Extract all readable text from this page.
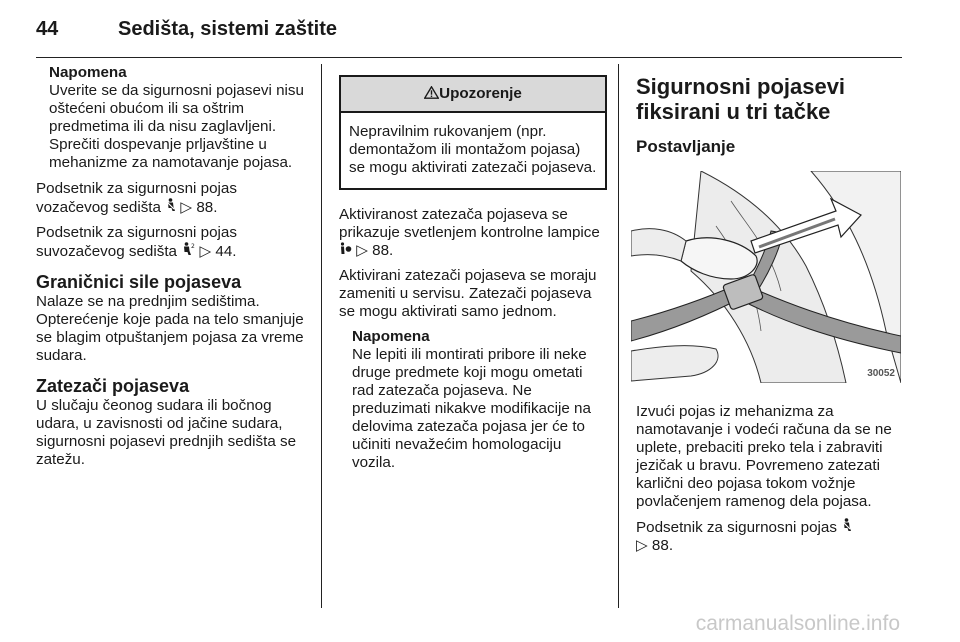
44	Sedišta, sistemi zaštite
Napomena
Uverite se da sigurnosni pojasevi nisu oštećeni obućom ili sa oštrim predmetima ili da nisu zaglavljeni. Sprečiti dospevanje prljavštine u mehanizme za namotavanje pojasa.

Podsetnik za sigurnosni pojas vozačevog sedišta ▷ 88.

Podsetnik za sigurnosni pojas suvozačevog sedišta 2 ▷ 44.

Graničnici sile pojaseva

Nalaze se na prednjim sedištima. Opterećenje koje pada na telo smanjuje se blagim otpuštanjem pojasa za vreme sudara.

Zatezači pojaseva

U slučaju čeonog sudara ili bočnog udara, u zavisnosti od jačine sudara, sigurnosni pojasevi prednjih sedišta se zatežu.

Upozorenje
Nepravilnim rukovanjem (npr. demontažom ili montažom pojasa) se mogu aktivirati zatezači pojaseva.

Aktiviranost zatezača pojaseva se prikazuje svetlenjem kontrolne lampice  ▷ 88.

Aktivirani zatezači pojaseva se moraju zameniti u servisu. Zatezači pojaseva se mogu aktivirati samo jednom.

Napomena
Ne lepiti ili montirati pribore ili neke druge predmete koji mogu ometati rad zatezača pojaseva. Ne preduzimati nikakve modifikacije na delovima zatezača pojasa jer će to učiniti nevažećim homologaciju vozila.
Sigurnosni pojasevi fiksirani u tri tačke
Postavljanje
30052

Izvući pojas iz mehanizma za namotavanje i vodeći računa da se ne uplete, prebaciti preko tela i zabraviti jezičak u bravu. Povremeno zatezati karlični deo pojasa tokom vožnje povlačenjem ramenog dela pojasa.

Podsetnik za sigurnosni pojas
▷ 88.

carmanualsonline.info
